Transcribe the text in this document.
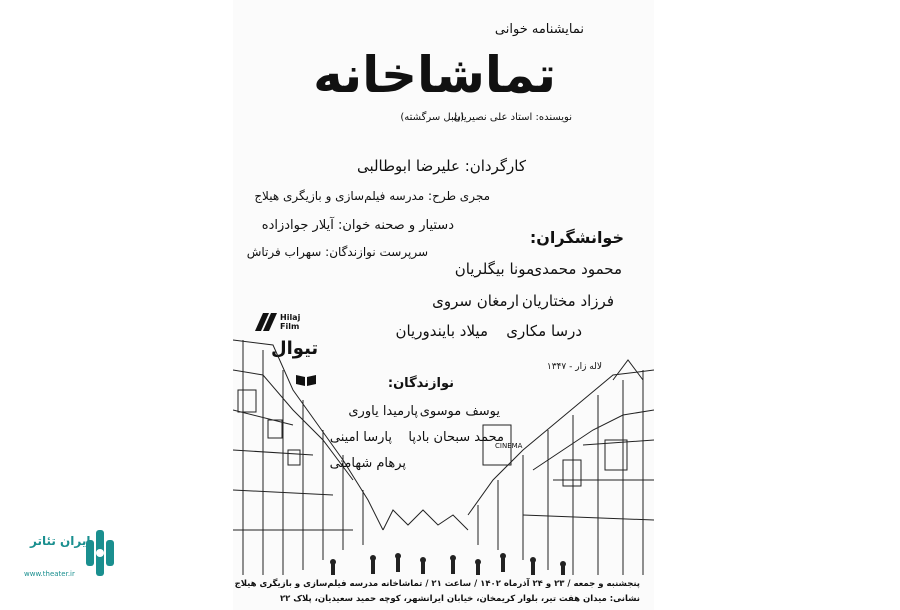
نمایشنامه خوانی
تماشاخانه
نویسنده: استاد علی نصیریان
(بلبل سرگشته)
کارگردان: علیرضا ابوطالبی
مجری طرح: مدرسه فیلم‌سازی و بازیگری هیلاج
دستیار و صحنه خوان: آیلار جوادزاده
سرپرست نوازندگان: سهراب فرتاش
خوانشگران:
محمود محمدی
مونا بیگلریان
فرزاد مختاریان
ارمغان سروی
درسا مکاری
میلاد بایندوریان
Hilaj Film
تیوال
CINEMA
لاله زار - ۱۳۴۷
نوازندگان:
یوسف موسوی
پارمیدا یاوری
محمد سبحان بادپا
پارسا امینی
پرهام شهامتی
پنجشنبه و جمعه / ۲۳ و ۲۴ آذرماه ۱۴۰۲ / ساعت ۲۱ / تماشاخانه مدرسه فیلم‌سازی و بازیگری هیلاج
نشانی: میدان هفت تیر، بلوار کریمخان، خیابان ایرانشهر، کوچه حمید سعیدیان، پلاک ۲۲
ایران تئاتر
www.theater.ir
